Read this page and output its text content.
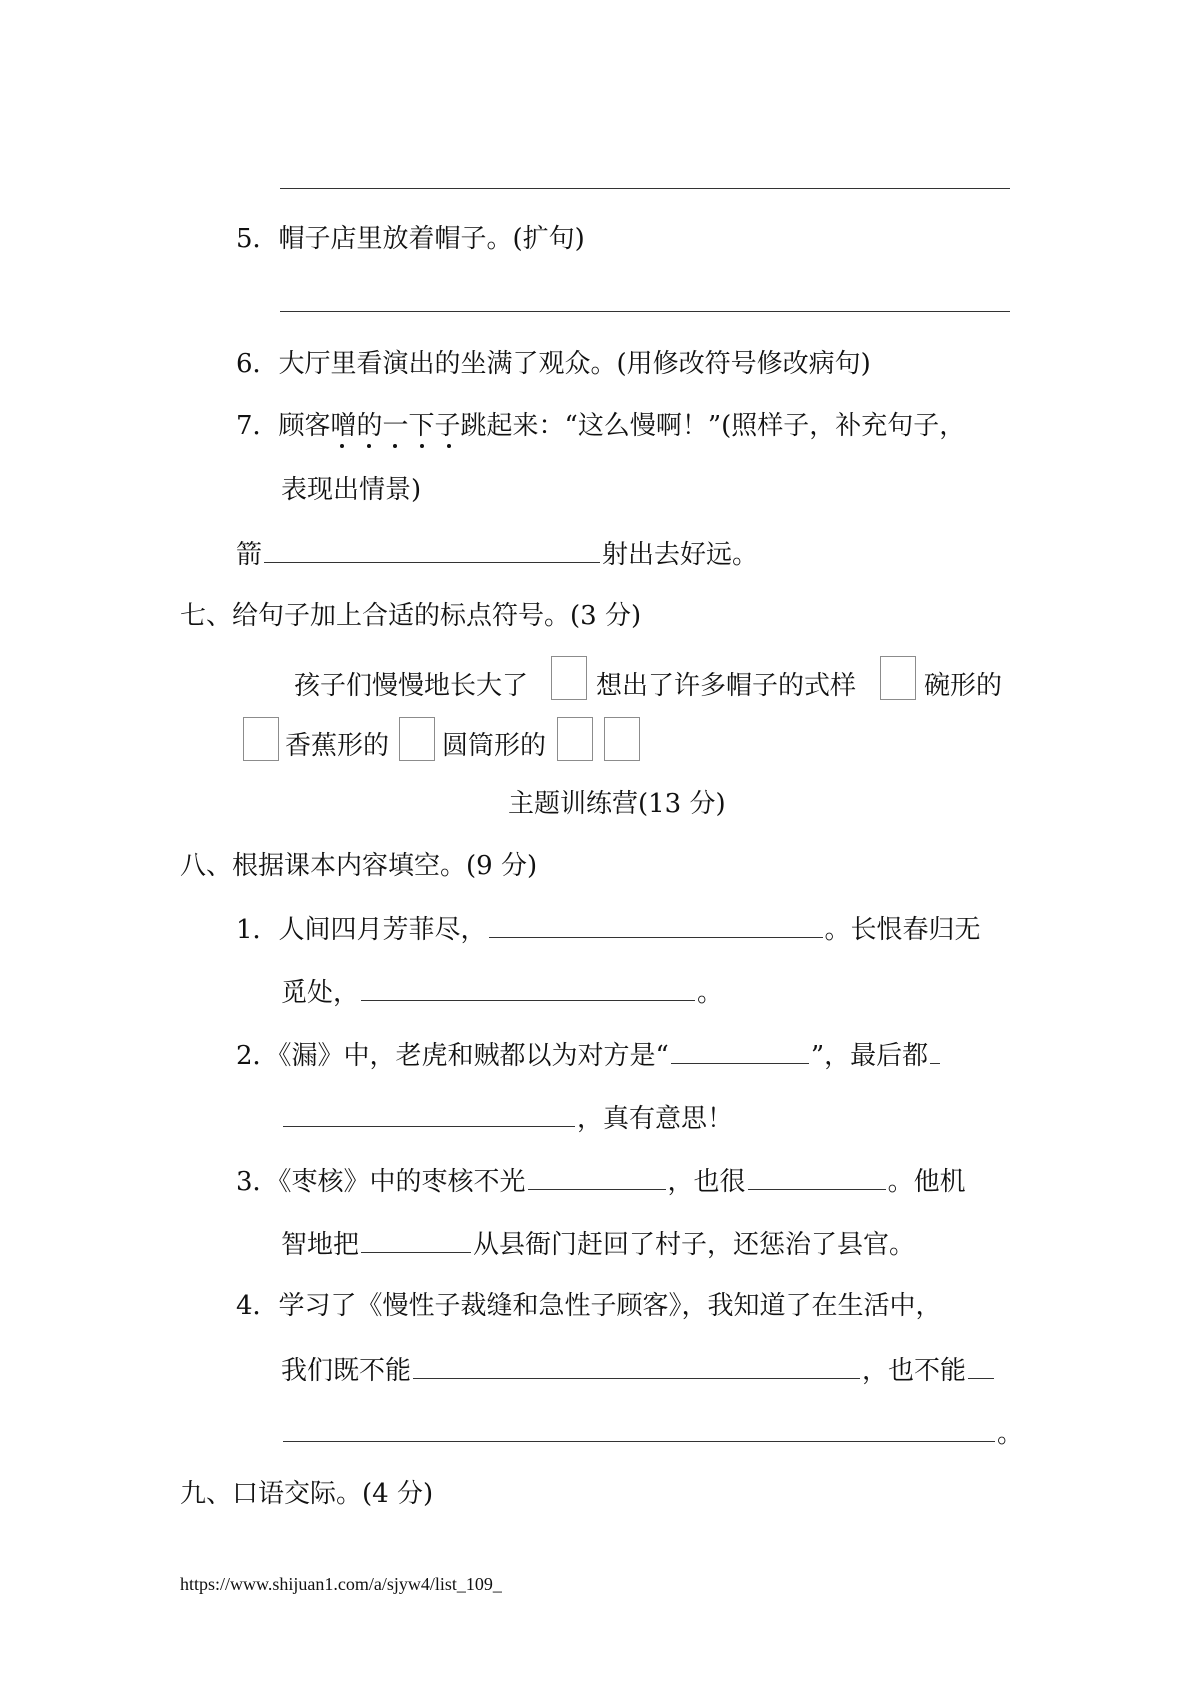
5．帽子店里放着帽子。(扩句)
6．大厅里看演出的坐满了观众。(用修改符号修改病句)
7．顾客噌的一下子跳起来：“这么慢啊！”(照样子，补充句子，
表现出情景)
箭	射出去好远。
七、给句子加上合适的标点符号。(3 分)
孩子们慢慢地长大了	想出了许多帽子的式样	碗形的
香蕉形的 圆筒形的
主题训练营(13 分)
八、根据课本内容填空。(9 分)
1．人间四月芳菲尽，	。长恨春归无
觅处，	。
2．《漏》中，老虎和贼都以为对方是“	”，最后都
，真有意思！
3．《枣核》中的枣核不光	，也很	。他机
智地把	从县衙门赶回了村子，还惩治了县官。
4．学习了《慢性子裁缝和急性子顾客》，我知道了在生活中，
我们既不能	，也不能
。
九、口语交际。(4 分)
https://www.shijuan1.com/a/sjyw4/list_109_
